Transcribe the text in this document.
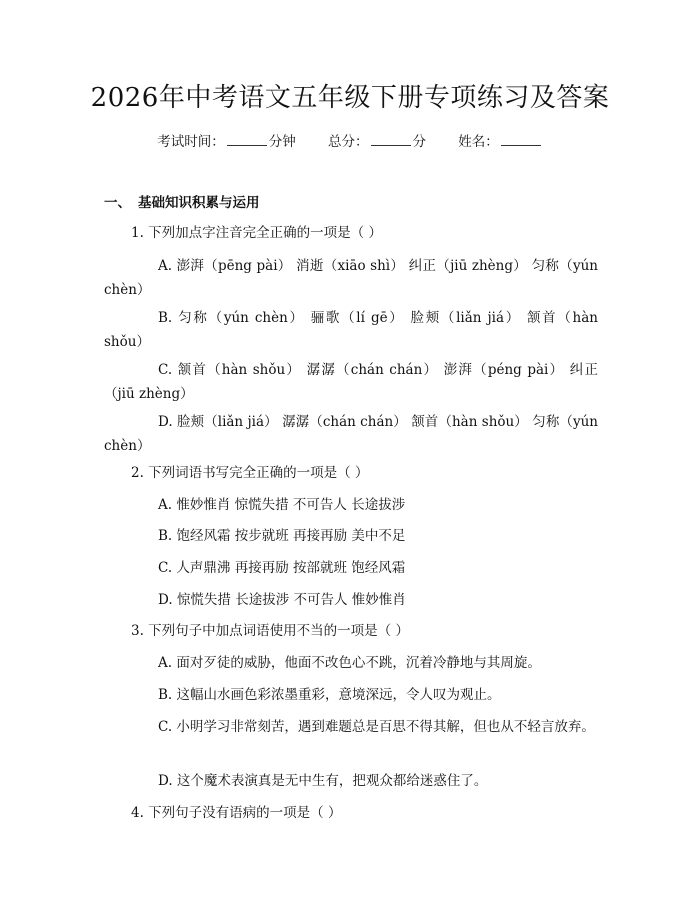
2026年中考语文五年级下册专项练习及答案
考试时间：	分钟 总分：	分 姓名：
一、 基础知识积累与运用
1. 下列加点字注音完全正确的一项是（ ）
A. 澎湃（pēng pài） 消逝（xiāo shì） 纠正（jiū zhèng） 匀称（yún chèn）
B. 匀称（yún chèn） 骊歌（lí gē） 脸颊（liǎn jiá） 颔首（hàn shǒu）
C. 颔首（hàn shǒu） 潺潺（chán chán） 澎湃（péng pài） 纠正（jiū zhèng）
D. 脸颊（liǎn jiá） 潺潺（chán chán） 颔首（hàn shǒu） 匀称（yún chèn）
2. 下列词语书写完全正确的一项是（ ）
A. 惟妙惟肖 惊慌失措 不可告人 长途拔涉
B. 饱经风霜 按步就班 再接再励 美中不足
C. 人声鼎沸 再接再励 按部就班 饱经风霜
D. 惊慌失措 长途拔涉 不可告人 惟妙惟肖
3. 下列句子中加点词语使用不当的一项是（ ）
A. 面对歹徒的威胁，他面不改色心不跳，沉着冷静地与其周旋。
B. 这幅山水画色彩浓墨重彩，意境深远，令人叹为观止。
C. 小明学习非常刻苦，遇到难题总是百思不得其解，但也从不轻言放弃。
D. 这个魔术表演真是无中生有，把观众都给迷惑住了。
4. 下列句子没有语病的一项是（ ）
